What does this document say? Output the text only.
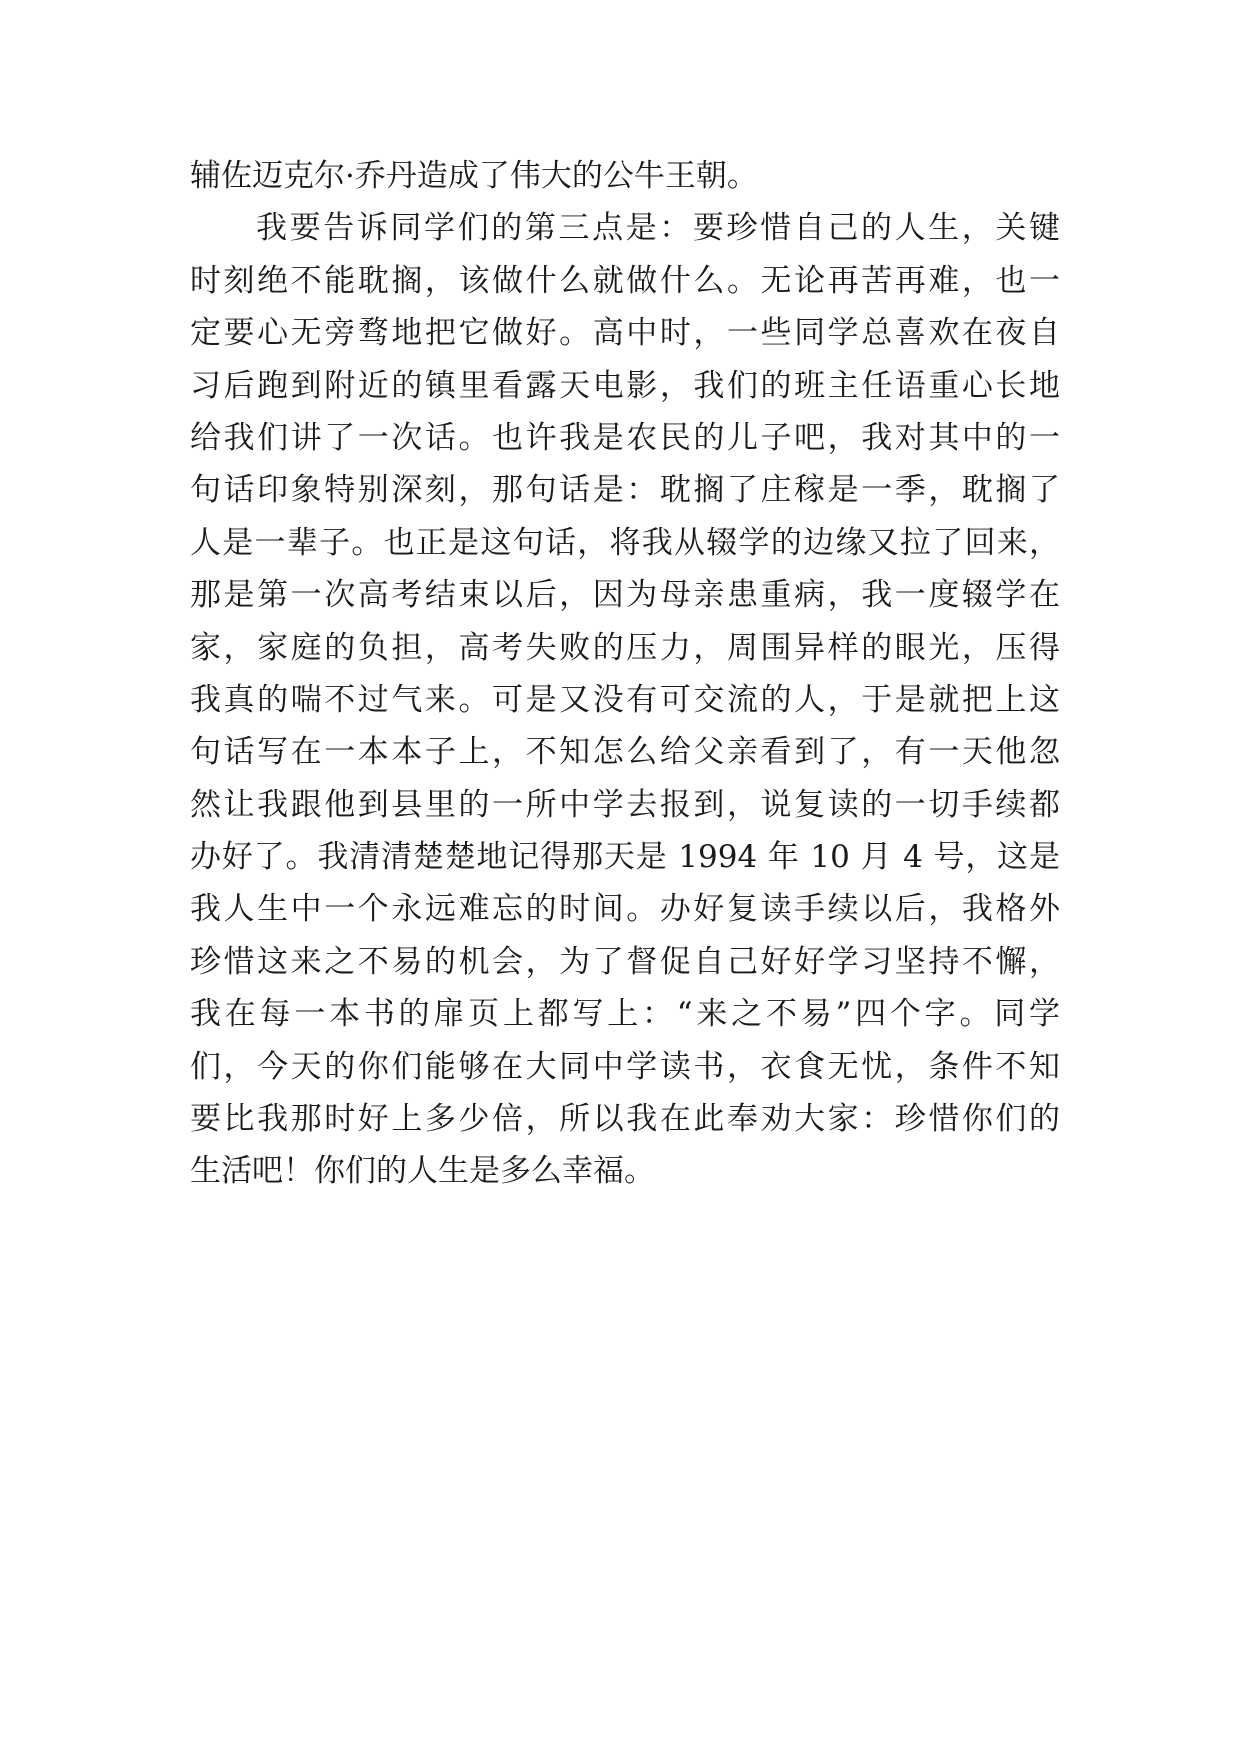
辅佐迈克尔·乔丹造成了伟大的公牛王朝。
我要告诉同学们的第三点是：要珍惜自己的人生，关键
时刻绝不能耽搁，该做什么就做什么。无论再苦再难，也一
定要心无旁骛地把它做好。高中时，一些同学总喜欢在夜自
习后跑到附近的镇里看露天电影，我们的班主任语重心长地
给我们讲了一次话。也许我是农民的儿子吧，我对其中的一
句话印象特别深刻，那句话是：耽搁了庄稼是一季，耽搁了
人是一辈子。也正是这句话，将我从辍学的边缘又拉了回来，
那是第一次高考结束以后，因为母亲患重病，我一度辍学在
家，家庭的负担，高考失败的压力，周围异样的眼光，压得
我真的喘不过气来。可是又没有可交流的人，于是就把上这
句话写在一本本子上，不知怎么给父亲看到了，有一天他忽
然让我跟他到县里的一所中学去报到，说复读的一切手续都
办好了。我清清楚楚地记得那天是 1994 年 10 月 4 号，这是
我人生中一个永远难忘的时间。办好复读手续以后，我格外
珍惜这来之不易的机会，为了督促自己好好学习坚持不懈，
我在每一本书的扉页上都写上：“来之不易”四个字。同学
们，今天的你们能够在大同中学读书，衣食无忧，条件不知
要比我那时好上多少倍，所以我在此奉劝大家：珍惜你们的
生活吧！你们的人生是多么幸福。
